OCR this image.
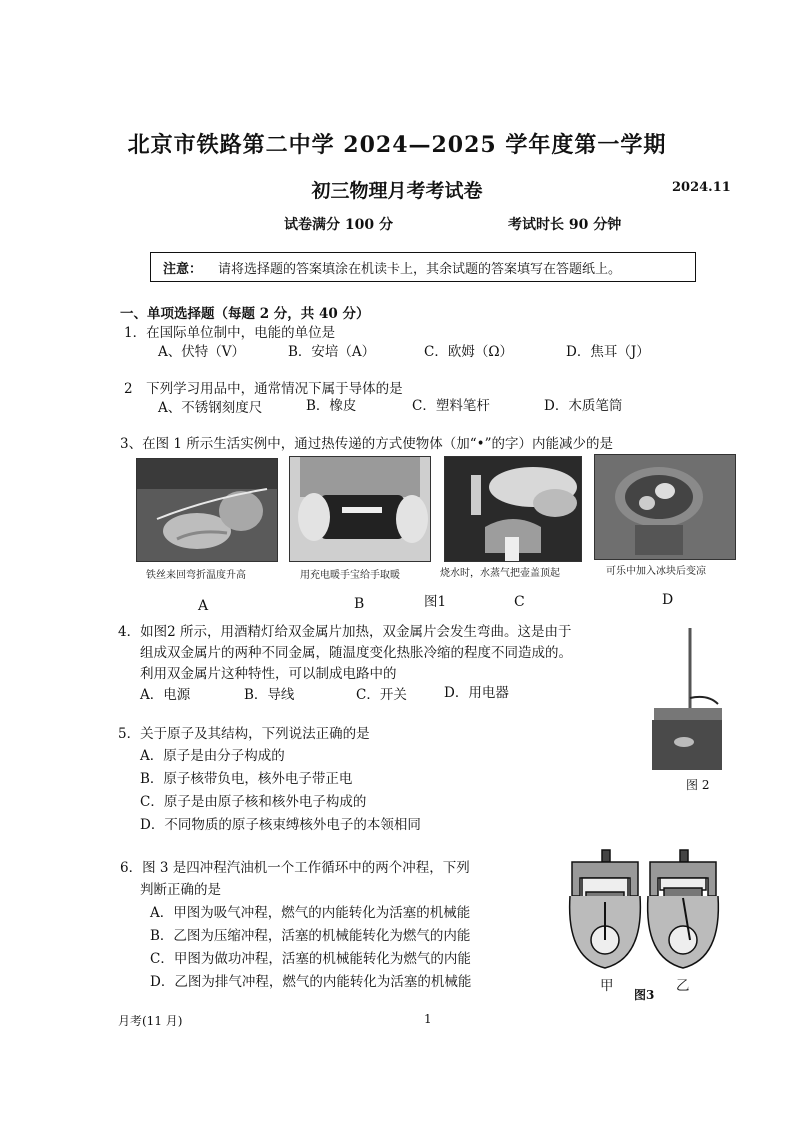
北京市铁路第二中学 2024—2025 学年度第一学期
初三物理月考考试卷	2024.11
试卷满分 100 分	考试时长 90 分钟
注意： 请将选择题的答案填涂在机读卡上，其余试题的答案填写在答题纸上。
一、单项选择题（每题 2 分，共 40 分）
1．在国际单位制中，电能的单位是
A、伏特（V）	B．安培（A）	C．欧姆（Ω）	D．焦耳（J）
2　下列学习用品中，通常情况下属于导体的是
A、不锈钢刻度尺	B．橡皮	C．塑料笔杆	D．木质笔筒
3、在图 1 所示生活实例中，通过热传递的方式使物体（加“•”的字）内能减少的是
铁丝来回弯折温度升高	用充电暖手宝给手取暖	烧水时，水蒸气把壶盖顶起	可乐中加入冰块后变凉
A	B	图1	C	D
4．如图2 所示，用酒精灯给双金属片加热，双金属片会发生弯曲。这是由于
组成双金属片的两种不同金属，随温度变化热胀冷缩的程度不同造成的。
利用双金属片这种特性，可以制成电路中的
A．电源	B．导线	C．开关	D．用电器
图 2
5．关于原子及其结构，下列说法正确的是
A．原子是由分子构成的
B．原子核带负电，核外电子带正电
C．原子是由原子核和核外电子构成的
D．不同物质的原子核束缚核外电子的本领相同
6．图 3 是四冲程汽油机一个工作循环中的两个冲程，下列
判断正确的是
A．甲图为吸气冲程，燃气的内能转化为活塞的机械能
B．乙图为压缩冲程，活塞的机械能转化为燃气的内能
C．甲图为做功冲程，活塞的机械能转化为燃气的内能
D．乙图为排气冲程，燃气的内能转化为活塞的机械能	甲	乙
图3
月考(11 月)	1
